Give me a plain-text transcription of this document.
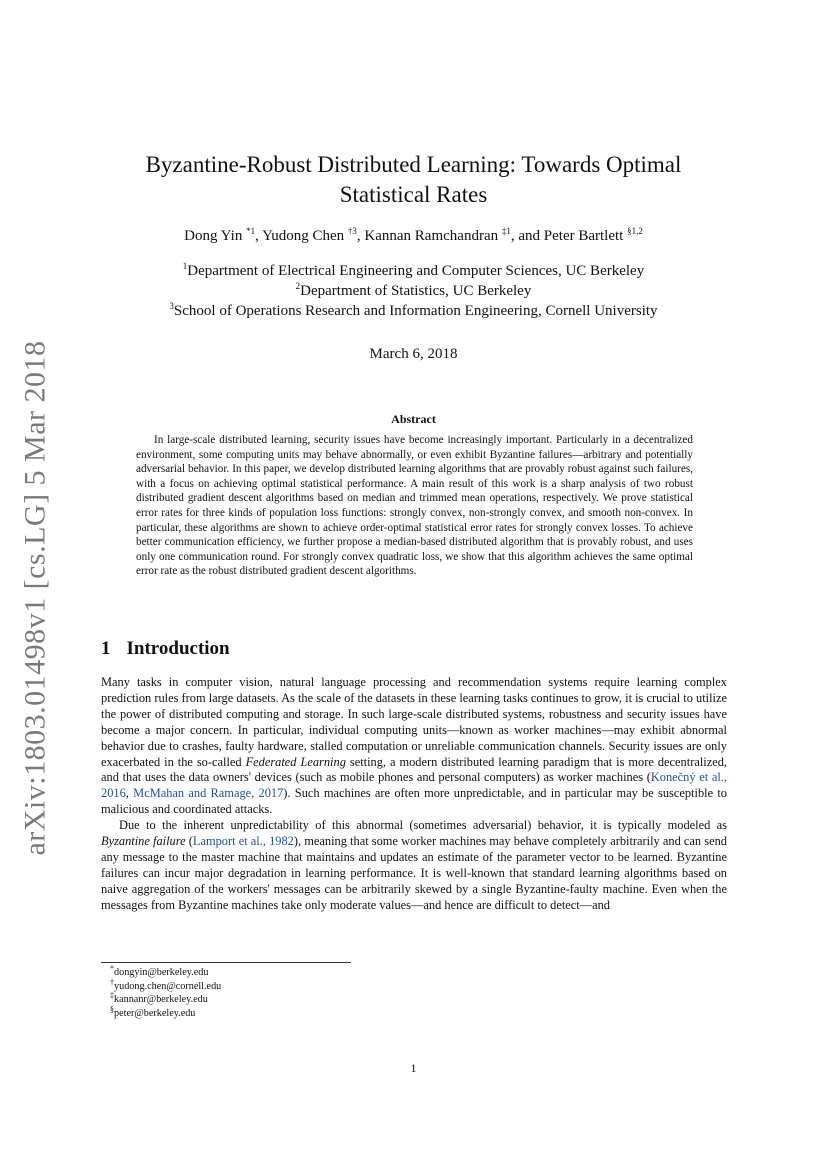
arXiv:1803.01498v1 [cs.LG] 5 Mar 2018
Byzantine-Robust Distributed Learning: Towards Optimal Statistical Rates
Dong Yin $^{*1}$, Yudong Chen $^{\dagger 3}$, Kannan Ramchandran $^{\ddagger 1}$, and Peter Bartlett $^{\S 1,2}$
$^1$Department of Electrical Engineering and Computer Sciences, UC Berkeley
$^2$Department of Statistics, UC Berkeley
$^3$School of Operations Research and Information Engineering, Cornell University
March 6, 2018
Abstract
In large-scale distributed learning, security issues have become increasingly important. Particularly in a decentralized environment, some computing units may behave abnormally, or even exhibit Byzantine failures—arbitrary and potentially adversarial behavior. In this paper, we develop distributed learning algorithms that are provably robust against such failures, with a focus on achieving optimal statistical performance. A main result of this work is a sharp analysis of two robust distributed gradient descent algorithms based on median and trimmed mean operations, respectively. We prove statistical error rates for three kinds of population loss functions: strongly convex, non-strongly convex, and smooth non-convex. In particular, these algorithms are shown to achieve order-optimal statistical error rates for strongly convex losses. To achieve better communication efficiency, we further propose a median-based distributed algorithm that is provably robust, and uses only one communication round. For strongly convex quadratic loss, we show that this algorithm achieves the same optimal error rate as the robust distributed gradient descent algorithms.
1 Introduction

Many tasks in computer vision, natural language processing and recommendation systems require learning complex prediction rules from large datasets. As the scale of the datasets in these learning tasks continues to grow, it is crucial to utilize the power of distributed computing and storage. In such large-scale distributed systems, robustness and security issues have become a major concern. In particular, individual computing units—known as worker machines—may exhibit abnormal behavior due to crashes, faulty hardware, stalled computation or unreliable communication channels. Security issues are only exacerbated in the so-called Federated Learning setting, a modern distributed learning paradigm that is more decentralized, and that uses the data owners' devices (such as mobile phones and personal computers) as worker machines (Konečný et al., 2016, McMahan and Ramage, 2017). Such machines are often more unpredictable, and in particular may be susceptible to malicious and coordinated attacks.

Due to the inherent unpredictability of this abnormal (sometimes adversarial) behavior, it is typically modeled as Byzantine failure (Lamport et al., 1982), meaning that some worker machines may behave completely arbitrarily and can send any message to the master machine that maintains and updates an estimate of the parameter vector to be learned. Byzantine failures can incur major degradation in learning performance. It is well-known that standard learning algorithms based on naive aggregation of the workers' messages can be arbitrarily skewed by a single Byzantine-faulty machine. Even when the messages from Byzantine machines take only moderate values—and hence are difficult to detect—and

*dongyin@berkeley.edu
†yudong.chen@cornell.edu
‡kannanr@berkeley.edu
§peter@berkeley.edu
1
